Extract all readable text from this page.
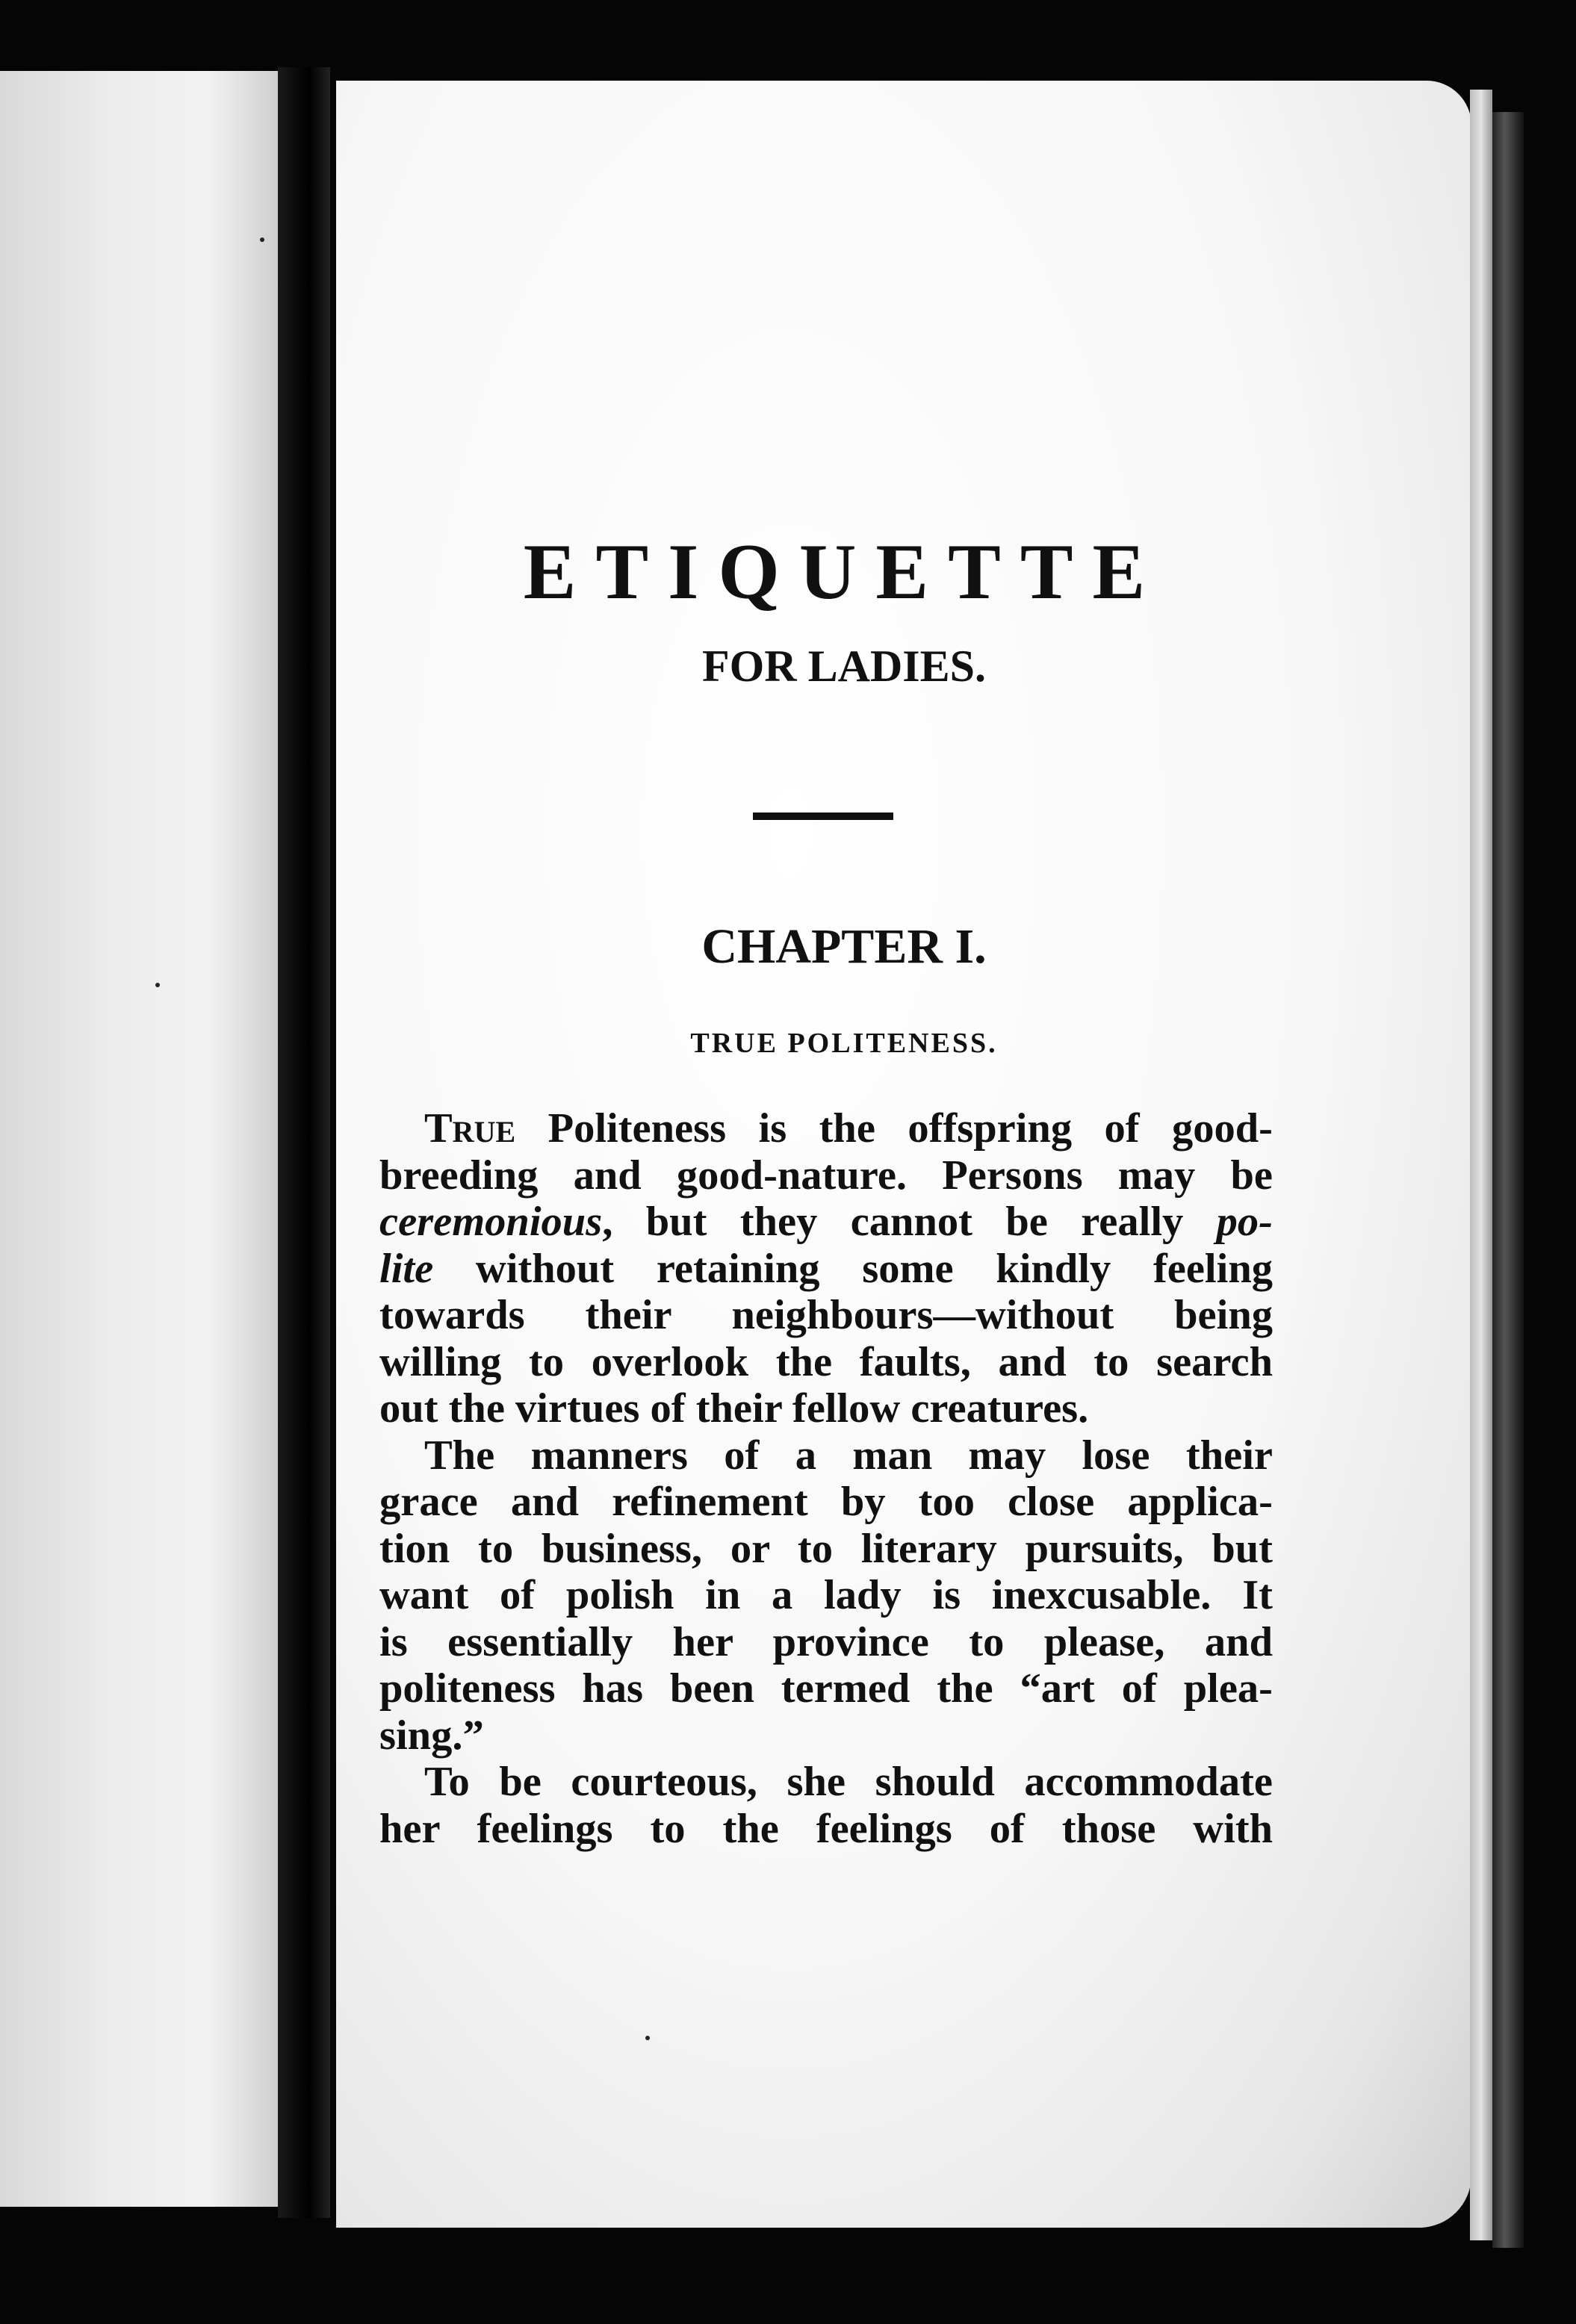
ETIQUETTE
FOR LADIES.
CHAPTER I.
TRUE POLITENESS.
True Politeness is the offspring of good-
breeding and good-nature. Persons may be
ceremonious, but they cannot be really po-
lite without retaining some kindly feeling
towards their neighbours—without being
willing to overlook the faults, and to search
out the virtues of their fellow creatures.
The manners of a man may lose their
grace and refinement by too close applica-
tion to business, or to literary pursuits, but
want of polish in a lady is inexcusable. It
is essentially her province to please, and
politeness has been termed the “art of plea-
sing.”
To be courteous, she should accommodate
her feelings to the feelings of those with
